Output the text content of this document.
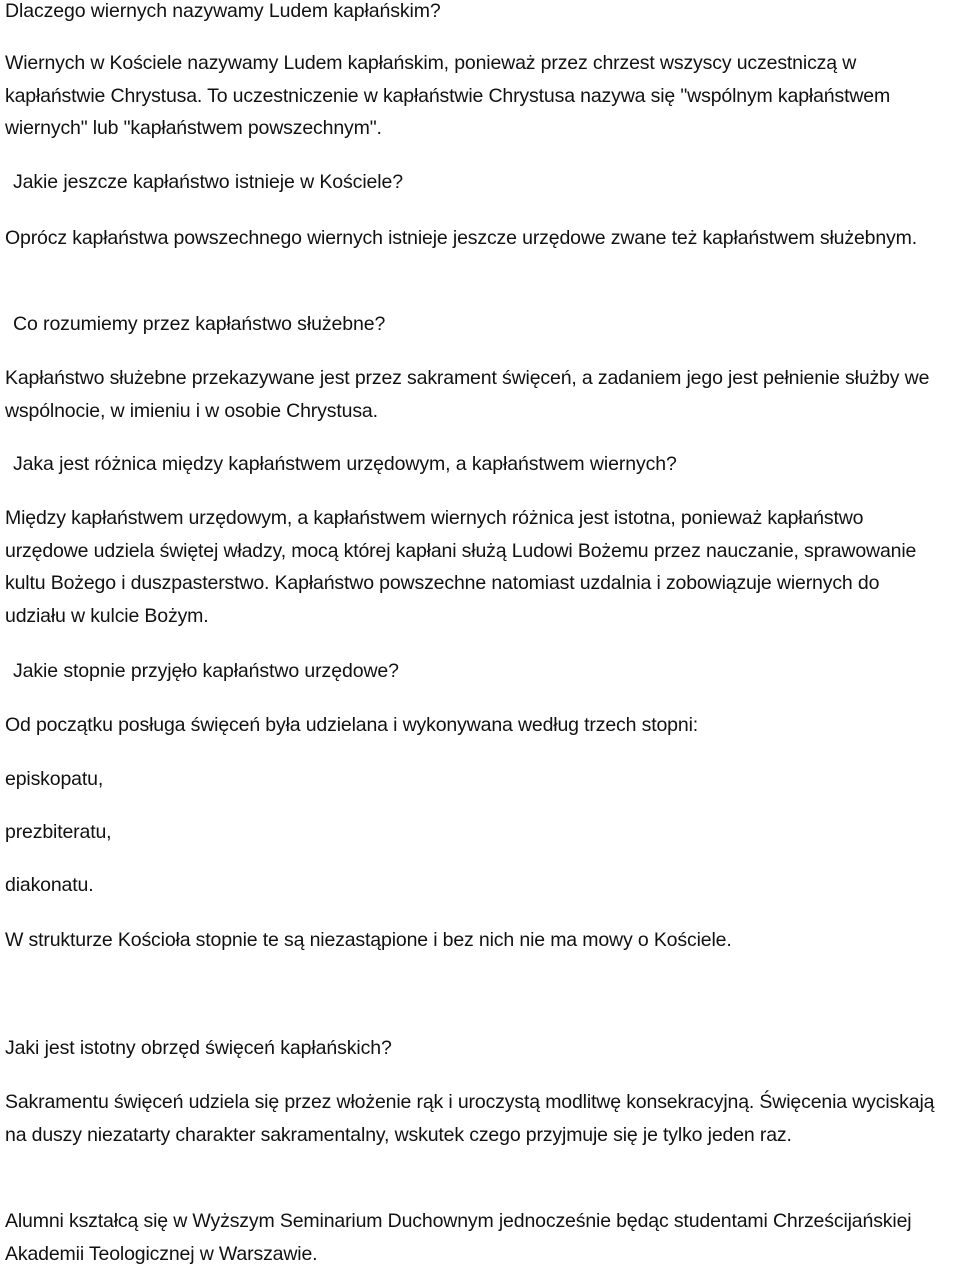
Dlaczego wiernych nazywamy Ludem kapłańskim?

Wiernych w Kościele nazywamy Ludem kapłańskim, ponieważ przez chrzest wszyscy uczestniczą w kapłaństwie Chrystusa. To uczestniczenie w kapłaństwie Chrystusa nazywa się "wspólnym kapłaństwem wiernych" lub "kapłaństwem powszechnym".

Jakie jeszcze kapłaństwo istnieje w Kościele?

Oprócz kapłaństwa powszechnego wiernych istnieje jeszcze urzędowe zwane też kapłaństwem służebnym.

Co rozumiemy przez kapłaństwo służebne?

Kapłaństwo służebne przekazywane jest przez sakrament święceń, a zadaniem jego jest pełnienie służby we wspólnocie, w imieniu i w osobie Chrystusa.

Jaka jest różnica między kapłaństwem urzędowym, a kapłaństwem wiernych?

Między kapłaństwem urzędowym, a kapłaństwem wiernych różnica jest istotna, ponieważ kapłaństwo urzędowe udziela świętej władzy, mocą której kapłani służą Ludowi Bożemu przez nauczanie, sprawowanie kultu Bożego i duszpasterstwo. Kapłaństwo powszechne natomiast uzdalnia i zobowiązuje wiernych do udziału w kulcie Bożym.

Jakie stopnie przyjęło kapłaństwo urzędowe?

Od początku posługa święceń była udzielana i wykonywana według trzech stopni:

episkopatu,

prezbiteratu,

diakonatu.

W strukturze Kościoła stopnie te są niezastąpione i bez nich nie ma mowy o Kościele.

Jaki jest istotny obrzęd święceń kapłańskich?

Sakramentu święceń udziela się przez włożenie rąk i uroczystą modlitwę konsekracyjną. Święcenia wyciskają na duszy niezatarty charakter sakramentalny, wskutek czego przyjmuje się je tylko jeden raz.

Alumni kształcą się w Wyższym Seminarium Duchownym jednocześnie będąc studentami Chrześcijańskiej Akademii Teologicznej w Warszawie.
